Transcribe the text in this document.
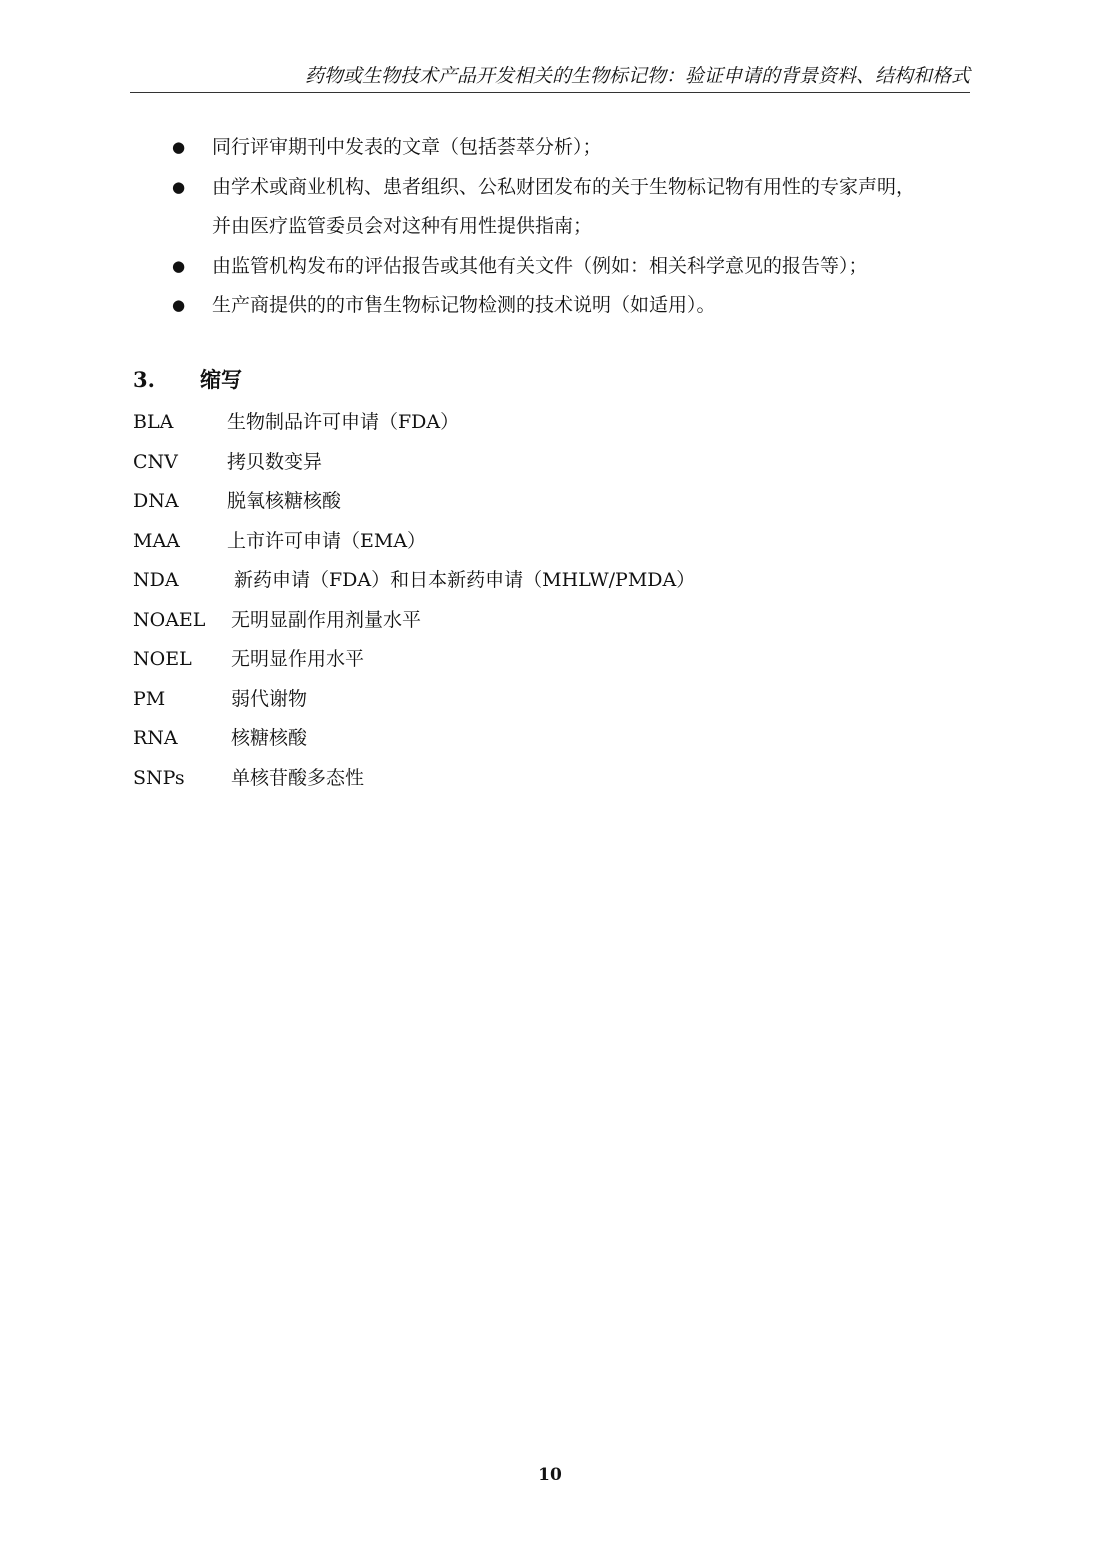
药物或生物技术产品开发相关的生物标记物：验证申请的背景资料、结构和格式
● 同行评审期刊中发表的文章（包括荟萃分析）；
● 由学术或商业机构、患者组织、公私财团发布的关于生物标记物有用性的专家声明，
并由医疗监管委员会对这种有用性提供指南；
● 由监管机构发布的评估报告或其他有关文件（例如：相关科学意见的报告等）；
● 生产商提供的的市售生物标记物检测的技术说明（如适用）。
3. 缩写
BLA	生物制品许可申请（FDA）
CNV	拷贝数变异
DNA	脱氧核糖核酸
MAA 上市许可申请（EMA）
NDA	新药申请（FDA）和日本新药申请（MHLW/PMDA）
NOAEL 无明显副作用剂量水平
NOEL 无明显作用水平
PM	弱代谢物
RNA	核糖核酸
SNPs 单核苷酸多态性
10
